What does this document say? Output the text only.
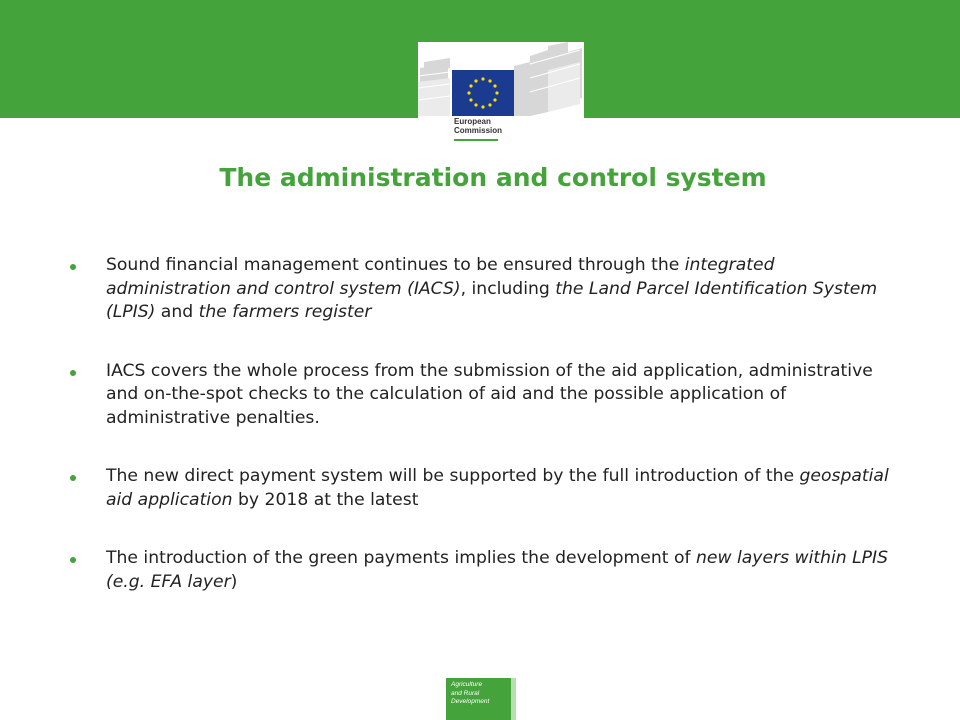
European
Commission
The administration and control system
Sound financial management continues to be ensured through the integrated administration and control system (IACS), including the Land Parcel Identification System (LPIS) and the farmers register
IACS covers the whole process from the submission of the aid application, administrative and on-the-spot checks to the calculation of aid and the possible application of administrative penalties.
The new direct payment system will be supported by the full introduction of the geospatial aid application by 2018 at the latest
The introduction of the green payments implies the development of new layers within LPIS (e.g. EFA layer)
Agriculture
and Rural
Development
